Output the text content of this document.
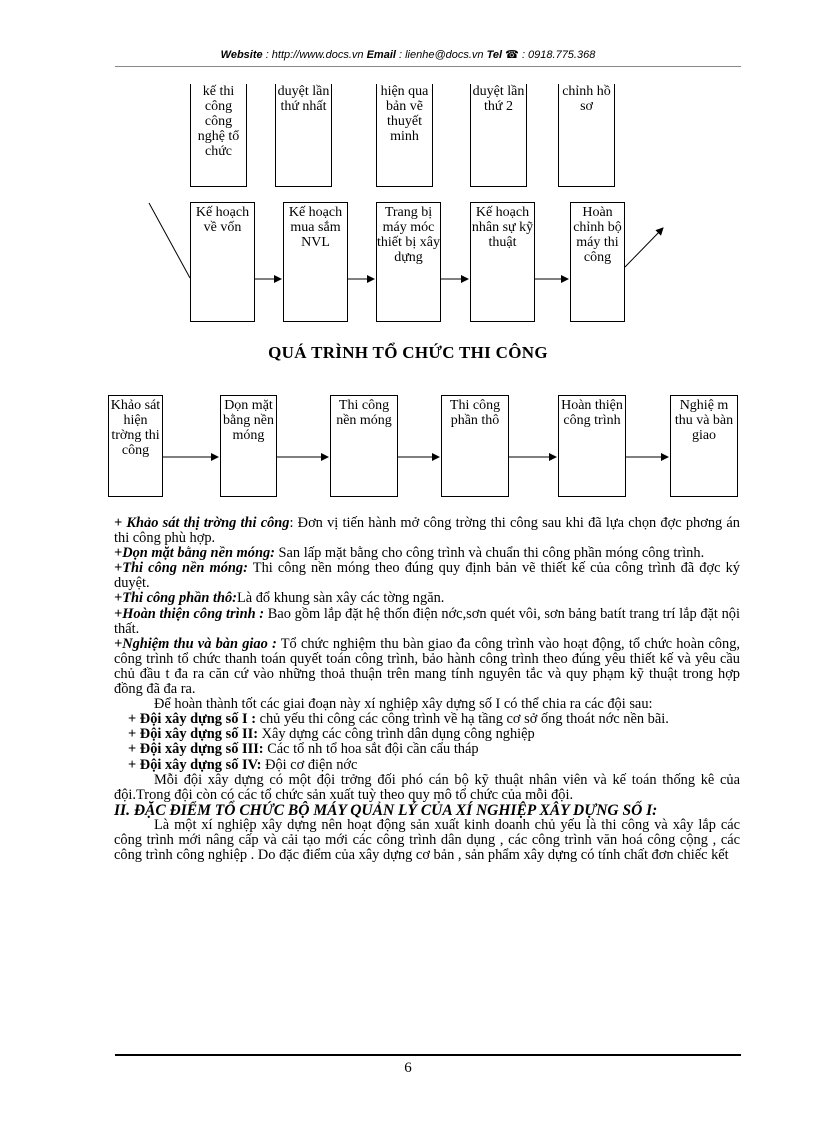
Website : http://www.docs.vn Email : lienhe@docs.vn Tel ☎ : 0918.775.368
kế thi công công nghệ tổ chức
duyệt lần thứ nhất
hiện qua bản vẽ thuyết minh
duyệt lần thứ 2
chỉnh hồ sơ
Kế hoạch về vốn
Kế hoạch mua sắm NVL
Trang bị máy móc thiết bị xây dựng
Kế hoạch nhân sự kỹ thuật
Hoàn chỉnh bộ máy thi công
QUÁ TRÌNH TỔ CHỨC THI CÔNG
Khảo sát hiện trờng thi công
Dọn mặt bằng nền móng
Thi công nền móng
Thi công phần thô
Hoàn thiện công trình
Nghiệ m thu và bàn giao

+ Khảo sát thị trờng thi công: Đơn vị tiến hành mở công trờng thi công sau khi đã lựa chọn đợc phơng án thi công phù hợp.

+Dọn mặt bằng nền móng: San lấp mặt bằng cho công trình và chuẩn thi công phần móng công trình.

+Thi công nền móng: Thi công nền móng theo đúng quy định bản vẽ thiết kế của công trình đã đợc ký duyệt.

+Thi công phần thô:Là đổ khung sàn xây các tờng ngăn.

+Hoàn thiện công trình : Bao gồm lắp đặt hệ thốn điện nớc,sơn quét vôi, sơn bảng batít trang trí lắp đặt nội thất.

+Nghiệm thu và bàn giao : Tổ chức nghiệm thu bàn giao đa công trình vào hoạt động, tổ chức hoàn công, công trình tổ chức thanh toán quyết toán công trình, bảo hành công trình theo đúng yêu thiết kế và yêu cầu chủ đầu t đa ra căn cứ vào những thoả thuận trên mang tính nguyên tắc và quy phạm kỹ thuật trong hợp đồng đã đa ra.

Để hoàn thành tốt các giai đoạn này xí nghiệp xây dựng số I có thể chia ra các đội sau:

+ Đội xây dựng số I : chủ yếu thi công các công trình về hạ tầng cơ sở ống thoát nớc nền bãi.

+ Đội xây dựng số II: Xây dựng các công trình dân dụng công nghiệp

+ Đội xây dựng số III: Các tổ nh tổ hoa sắt đội cần cẩu tháp

+ Đội xây dựng số IV: Đội cơ điện nớc

Mỗi đội xây dựng có một đội trởng đối phó cán bộ kỹ thuật nhân viên và kế toán thống kê của đội.Trong đội còn có các tổ chức sản xuất tuỳ theo quy mô tổ chức của mỗi đội.

II. ĐẶC ĐIỂM TỔ CHỨC BỘ MÁY QUẢN LÝ CỦA XÍ NGHIỆP XÂY DỰNG SỐ I:

Là một xí nghiệp xây dựng nên hoạt động sản xuất kinh doanh chủ yếu là thi công và xây lắp các công trình mới nâng cấp và cải tạo mới các công trình dân dụng , các công trình văn hoá công cộng , các công trình công nghiệp . Do đặc điểm của xây dựng cơ bản , sản phẩm xây dựng có tính chất đơn chiếc kết

6
